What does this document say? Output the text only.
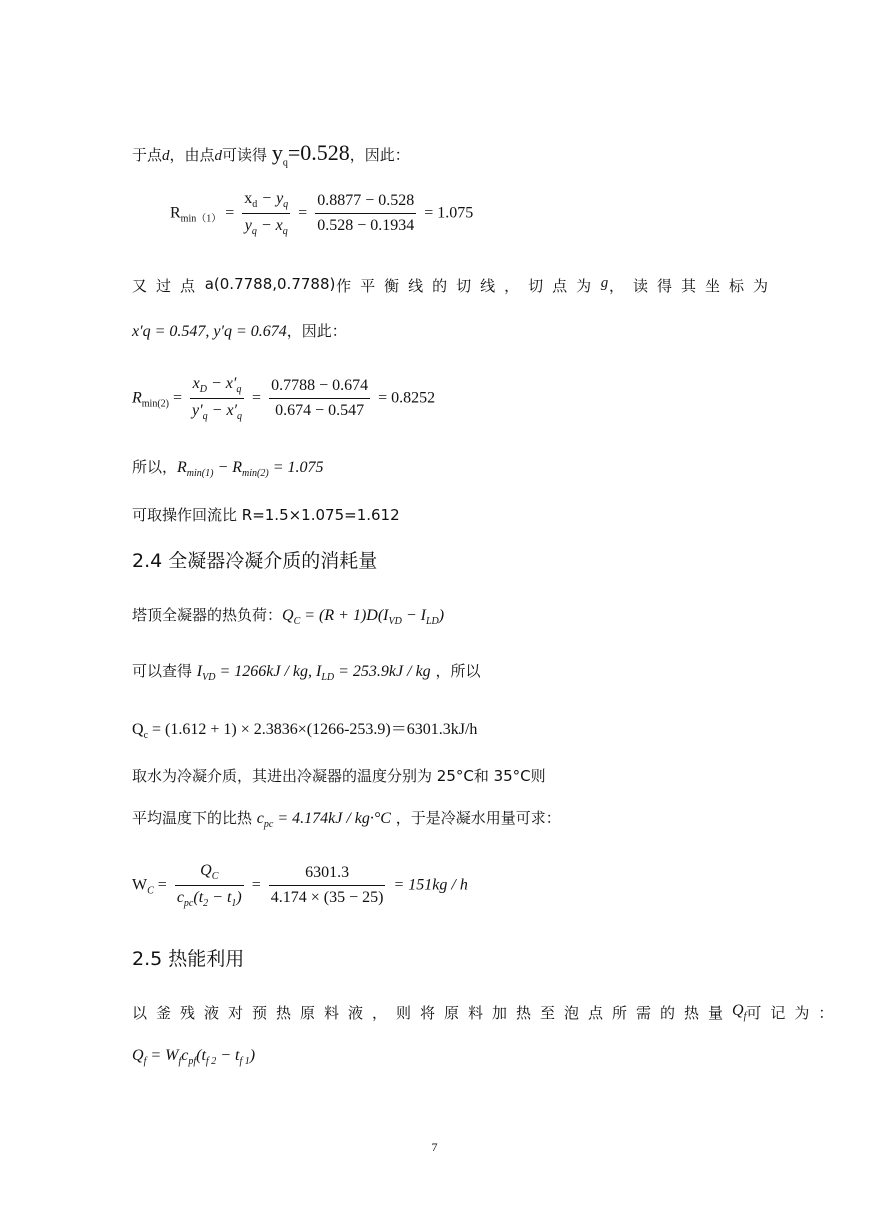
于点d，由点d可读得 $y_q=0.528$，因此：
$R_{min(1)} = \frac{x_d - y_q}{y_q - x_q} = \frac{0.8877 - 0.528}{0.528 - 0.1934} = 1.075$
又过点 a(0.7788,0.7788) 作平衡线的切线，切点为 g ，读得其坐标为
x′q = 0.547, y′q = 0.674，因此：
$R_{min(2)} = \frac{x_D - x'_q}{y'_q - x'_q} = \frac{0.7788 - 0.674}{0.674 - 0.547} = 0.8252$
所以，$R_{min(1)} - R_{min(2)} = 1.075$
可取操作回流比 R=1.5×1.075=1.612
2.4 全凝器冷凝介质的消耗量
塔顶全凝器的热负荷：$Q_C = (R + 1)D(I_{VD} - I_{LD})$
可以查得 $I_{VD} = 1266kJ$ / kg, $I_{LD} = 253.9kJ$ / kg ，所以
$Q_c = (1.612 + 1) \times 2.3836\times(1266-253.9)=6301.3kJ/h$
取水为冷凝介质，其进出冷凝器的温度分别为 25°C和 35°C则
平均温度下的比热 $c_{pc} = 4.174kJ / kg\cdot^\circ C$ ，于是冷凝水用量可求：
$W_C = \frac{Q_C}{c_{pc}(t_2 - t_1)} = \frac{6301.3}{4.174 \times (35 - 25)} = 151kg / h$
2.5 热能利用
以釜残液对预热原料液，则将原料加热至泡点所需的热量 $Q_f$ 可记为：
$Q_f = W_fc_{pf}(t_{f 2} - t_{f 1})$
7
